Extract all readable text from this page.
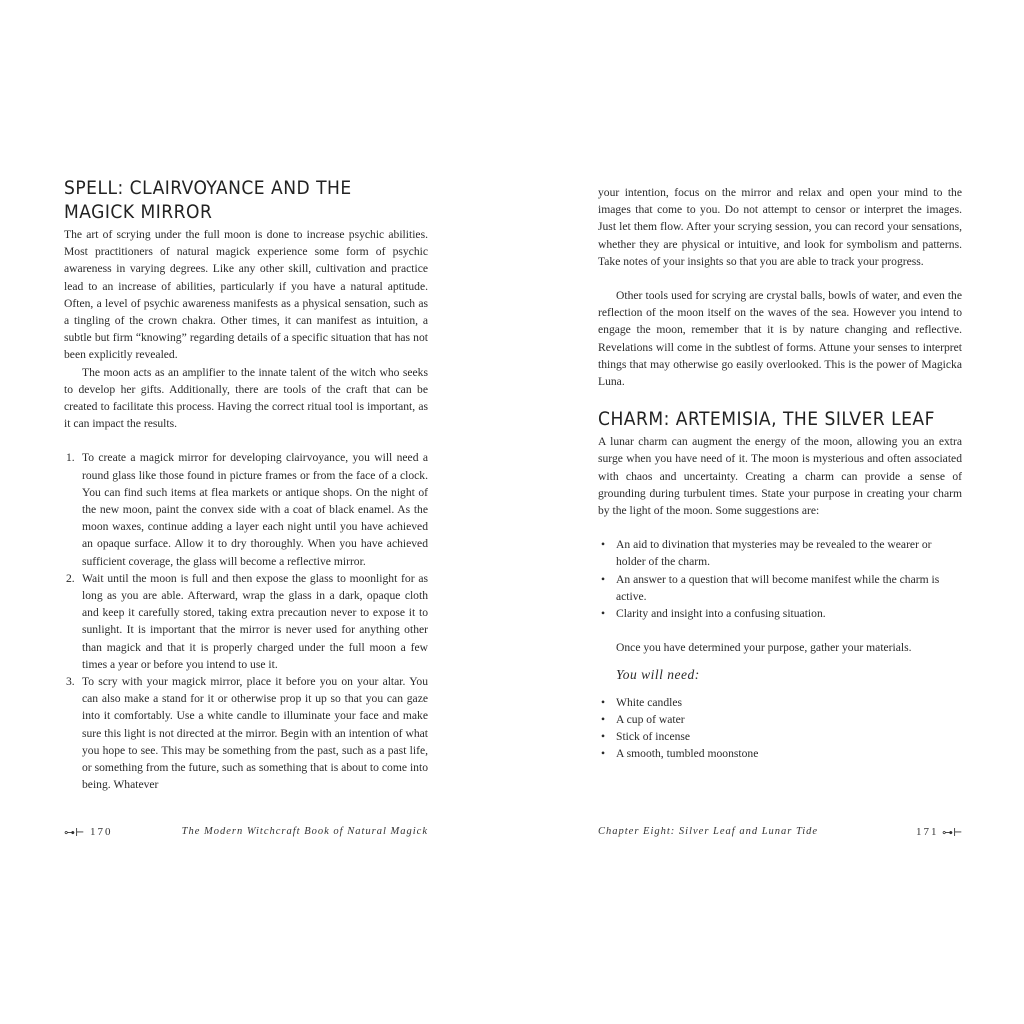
SPELL: CLAIRVOYANCE AND THE MAGICK MIRROR

The art of scrying under the full moon is done to increase psychic abilities. Most practitioners of natural magick experience some form of psychic awareness in varying degrees. Like any other skill, cultivation and practice lead to an increase of abilities, particularly if you have a natural aptitude. Often, a level of psychic awareness manifests as a physical sensation, such as a tingling of the crown chakra. Other times, it can manifest as intuition, a subtle but firm “knowing” regarding details of a specific situation that has not been explicitly revealed.

The moon acts as an amplifier to the innate talent of the witch who seeks to develop her gifts. Additionally, there are tools of the craft that can be created to facilitate this process. Having the correct ritual tool is important, as it can impact the results.

1. To create a magick mirror for developing clairvoyance, you will need a round glass like those found in picture frames or from the face of a clock. You can find such items at flea markets or antique shops. On the night of the new moon, paint the convex side with a coat of black enamel. As the moon waxes, continue adding a layer each night until you have achieved an opaque surface. Allow it to dry thoroughly. When you have achieved sufficient coverage, the glass will become a reflective mirror.
2. Wait until the moon is full and then expose the glass to moonlight for as long as you are able. Afterward, wrap the glass in a dark, opaque cloth and keep it carefully stored, taking extra precaution never to expose it to sunlight. It is important that the mirror is never used for anything other than magick and that it is properly charged under the full moon a few times a year or before you intend to use it.
3. To scry with your magick mirror, place it before you on your altar. You can also make a stand for it or otherwise prop it up so that you can gaze into it comfortably. Use a white candle to illuminate your face and make sure this light is not directed at the mirror. Begin with an intention of what you hope to see. This may be something from the past, such as a past life, or something from the future, such as something that is about to come into being. Whatever
⊶⊢ 170	The Modern Witchcraft Book of Natural Magick

your intention, focus on the mirror and relax and open your mind to the images that come to you. Do not attempt to censor or interpret the images. Just let them flow. After your scrying session, you can record your sensations, whether they are physical or intuitive, and look for symbolism and patterns. Take notes of your insights so that you are able to track your progress.

Other tools used for scrying are crystal balls, bowls of water, and even the reflection of the moon itself on the waves of the sea. However you intend to engage the moon, remember that it is by nature changing and reflective. Revelations will come in the subtlest of forms. Attune your senses to interpret things that may otherwise go easily overlooked. This is the power of Magicka Luna.

CHARM: ARTEMISIA, THE SILVER LEAF

A lunar charm can augment the energy of the moon, allowing you an extra surge when you have need of it. The moon is mysterious and often associated with chaos and uncertainty. Creating a charm can provide a sense of grounding during turbulent times. State your purpose in creating your charm by the light of the moon. Some suggestions are:

• An aid to divination that mysteries may be revealed to the wearer or holder of the charm.
• An answer to a question that will become manifest while the charm is active.
• Clarity and insight into a confusing situation.

Once you have determined your purpose, gather your materials.

You will need:
• White candles
• A cup of water
• Stick of incense
• A smooth, tumbled moonstone
Chapter Eight: Silver Leaf and Lunar Tide	171 ⊶⊢
